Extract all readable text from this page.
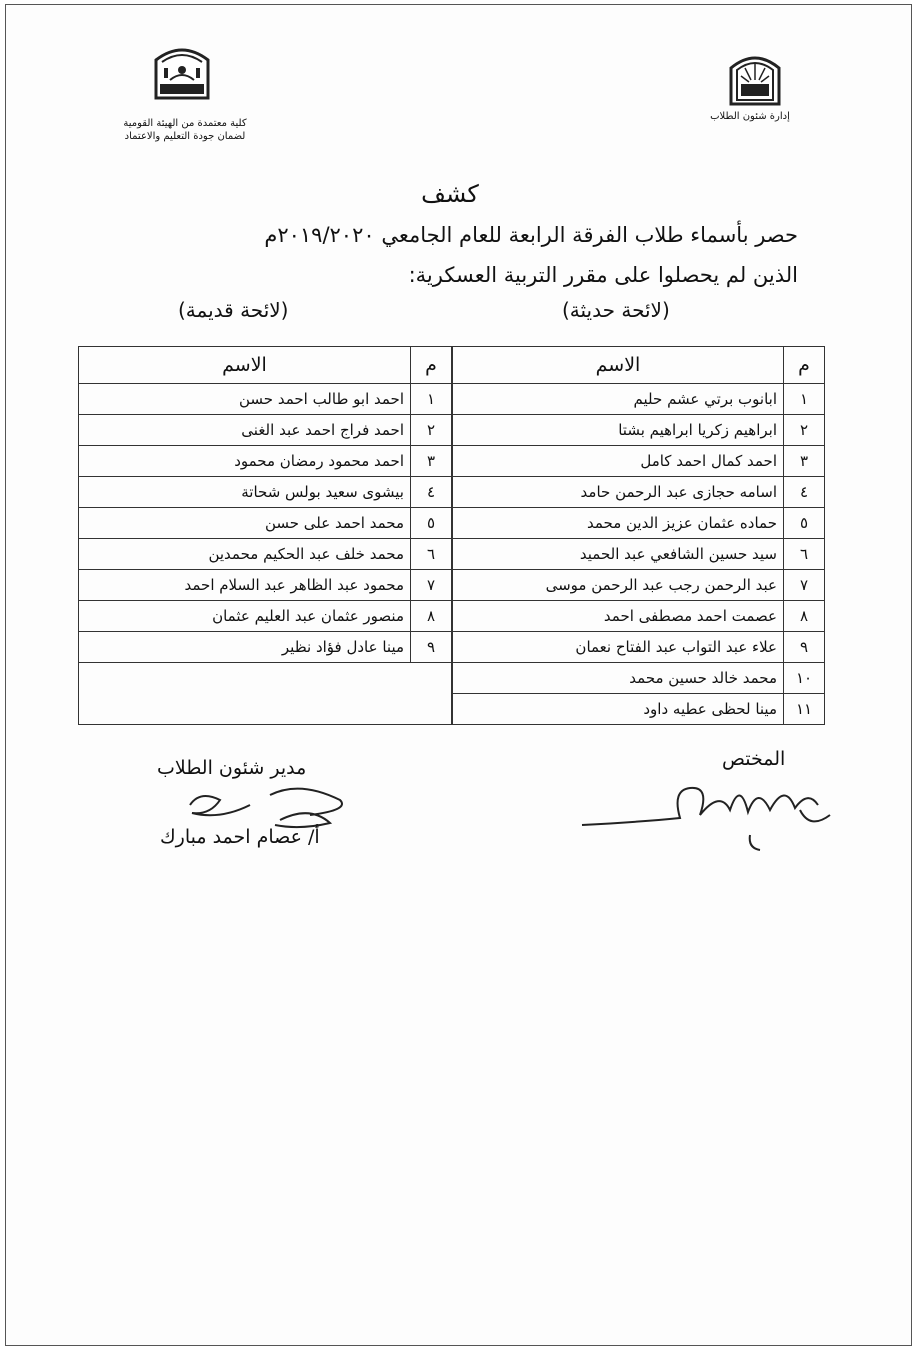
كلية معتمدة من الهيئة القومية
لضمان جودة التعليم والاعتماد
إدارة شئون الطلاب
كشف
حصر بأسماء طلاب الفرقة الرابعة للعام الجامعي ٢٠١٩/٢٠٢٠م
الذين لم يحصلوا على مقرر التربية العسكرية:
(لائحة حديثة)
(لائحة قديمة)
م	الاسم
١	ابانوب برتي عشم حليم
٢	ابراهيم زكريا ابراهيم بشتا
٣	احمد كمال احمد كامل
٤	اسامه حجازى عبد الرحمن حامد
٥	حماده عثمان عزيز الدين محمد
٦	سيد حسين الشافعي عبد الحميد
٧	عبد الرحمن رجب عبد الرحمن موسى
٨	عصمت احمد مصطفى احمد
٩	علاء عبد التواب عبد الفتاح نعمان
١٠	محمد خالد حسين محمد
١١	مينا لحظى عطيه داود
م	الاسم
١	احمد ابو طالب احمد حسن
٢	احمد فراج احمد عبد الغنى
٣	احمد محمود رمضان محمود
٤	بيشوى سعيد بولس شحاتة
٥	محمد احمد على حسن
٦	محمد خلف عبد الحكيم محمدين
٧	محمود عبد الظاهر عبد السلام احمد
٨	منصور عثمان عبد العليم عثمان
٩	مينا عادل فؤاد نظير

المختص
مدير شئون الطلاب
أ/ عصام احمد مبارك
